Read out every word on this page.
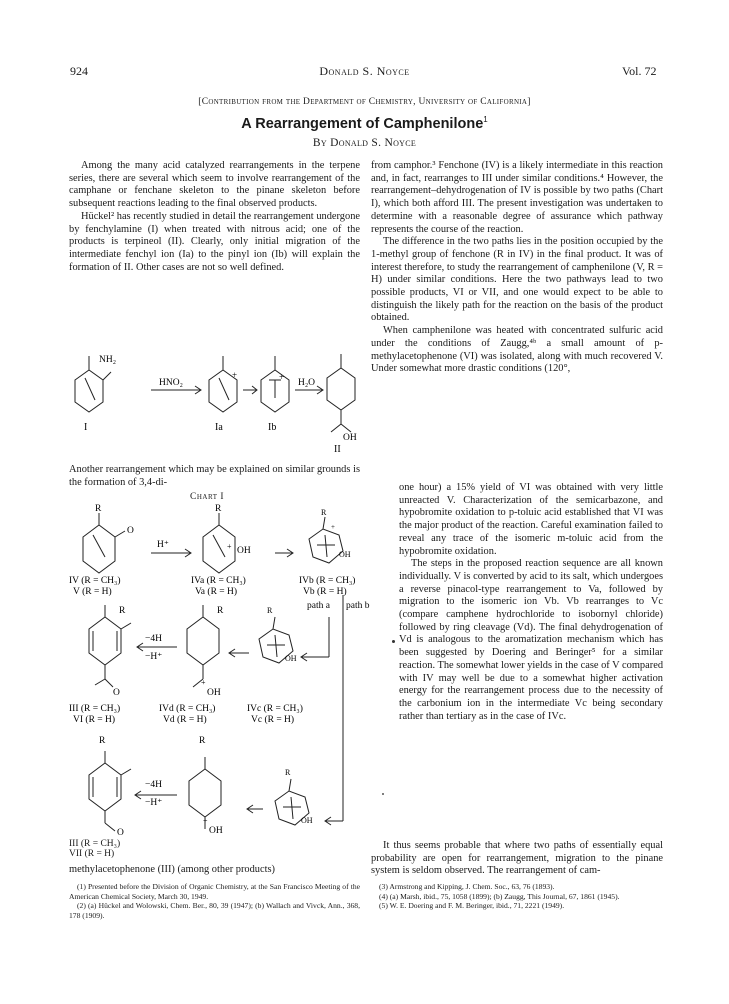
924	Donald S. Noyce	Vol. 72
[Contribution from the Department of Chemistry, University of California]
A Rearrangement of Camphenilone$^1$
By Donald S. Noyce

Among the many acid catalyzed rearrangements in the terpene series, there are several which seem to involve rearrangement of the camphane or fenchane skeleton to the pinane skeleton before subsequent reactions leading to the final observed products.

Hückel² has recently studied in detail the rearrangement undergone by fenchylamine (I) when treated with nitrous acid; one of the products is terpineol (II). Clearly, only initial migration of the intermediate fenchyl ion (Ia) to the pinyl ion (Ib) will explain the formation of II. Other cases are not so well defined.

NH₂
HNO₂
+	+
H₂O
OH
I	Ia	Ib
II

Another rearrangement which may be explained on similar grounds is the formation of 3,4-di-

Chart I
R	R	R
O
H⁺
OH
+
OH
+
IV (R = CH₃)
V (R = H)
IVa (R = CH₃)
Va (R = H)
IVb (R = CH₃)
Vb (R = H)
path a path b
R	R
R
−4H
−H⁺	OH
O
+
OH
III (R = CH₃)
VI (R = H)
IVd (R = CH₃)
Vd (R = H)
IVc (R = CH₃)
Vc (R = H)
R	R
R
−4H
−H⁺
OH
+
OH
O
III (R = CH₃)
VII (R = H)

methylacetophenone (III) (among other products)

(1) Presented before the Division of Organic Chemistry, at the San Francisco Meeting of the American Chemical Society, March 30, 1949.

(2) (a) Hückel and Wolowski, Chem. Ber., 80, 39 (1947); (b) Wallach and Vivck, Ann., 368, 178 (1909).

from camphor.³ Fenchone (IV) is a likely intermediate in this reaction and, in fact, rearranges to III under similar conditions.⁴ However, the rearrangement–dehydrogenation of IV is possible by two paths (Chart I), which both afford III. The present investigation was undertaken to determine with a reasonable degree of assurance which pathway represents the course of the reaction.

The difference in the two paths lies in the position occupied by the 1-methyl group of fenchone (R in IV) in the final product. It was of interest therefore, to study the rearrangement of camphenilone (V, R = H) under similar conditions. Here the two pathways lead to two possible products, VI or VII, and one would expect to be able to distinguish the likely path for the reaction on the basis of the product obtained.

When camphenilone was heated with concentrated sulfuric acid under the conditions of Zaugg,⁴ᵇ a small amount of p-methylacetophenone (VI) was isolated, along with much recovered V. Under somewhat more drastic conditions (120°,

one hour) a 15% yield of VI was obtained with very little unreacted V. Characterization of the semicarbazone, and hypobromite oxidation to p-toluic acid established that VI was the major product of the reaction. Careful examination failed to reveal any trace of the isomeric m-toluic acid from the hypobromite oxidation.

The steps in the proposed reaction sequence are all known individually. V is converted by acid to its salt, which undergoes a reverse pinacol-type rearrangement to Va, followed by migration to the isomeric ion Vb. Vb rearranges to Vc (compare camphene hydrochloride to isobornyl chloride) followed by ring cleavage (Vd). The final dehydrogenation of Vd is analogous to the aromatization mechanism which has been suggested by Doering and Beringer⁵ for a similar reaction. The somewhat lower yields in the case of V compared with IV may well be due to a somewhat higher activation energy for the rearrangement process due to the necessity of the carbonium ion in the intermediate Vc being secondary rather than tertiary as in the case of IVc.

It thus seems probable that where two paths of essentially equal probability are open for rearrangement, migration to the pinane system is seldom observed. The rearrangement of cam-

(3) Armstrong and Kipping, J. Chem. Soc., 63, 76 (1893).

(4) (a) Marsh, ibid., 75, 1058 (1899); (b) Zaugg, This Journal, 67, 1861 (1945).

(5) W. E. Doering and F. M. Beringer, ibid., 71, 2221 (1949).
